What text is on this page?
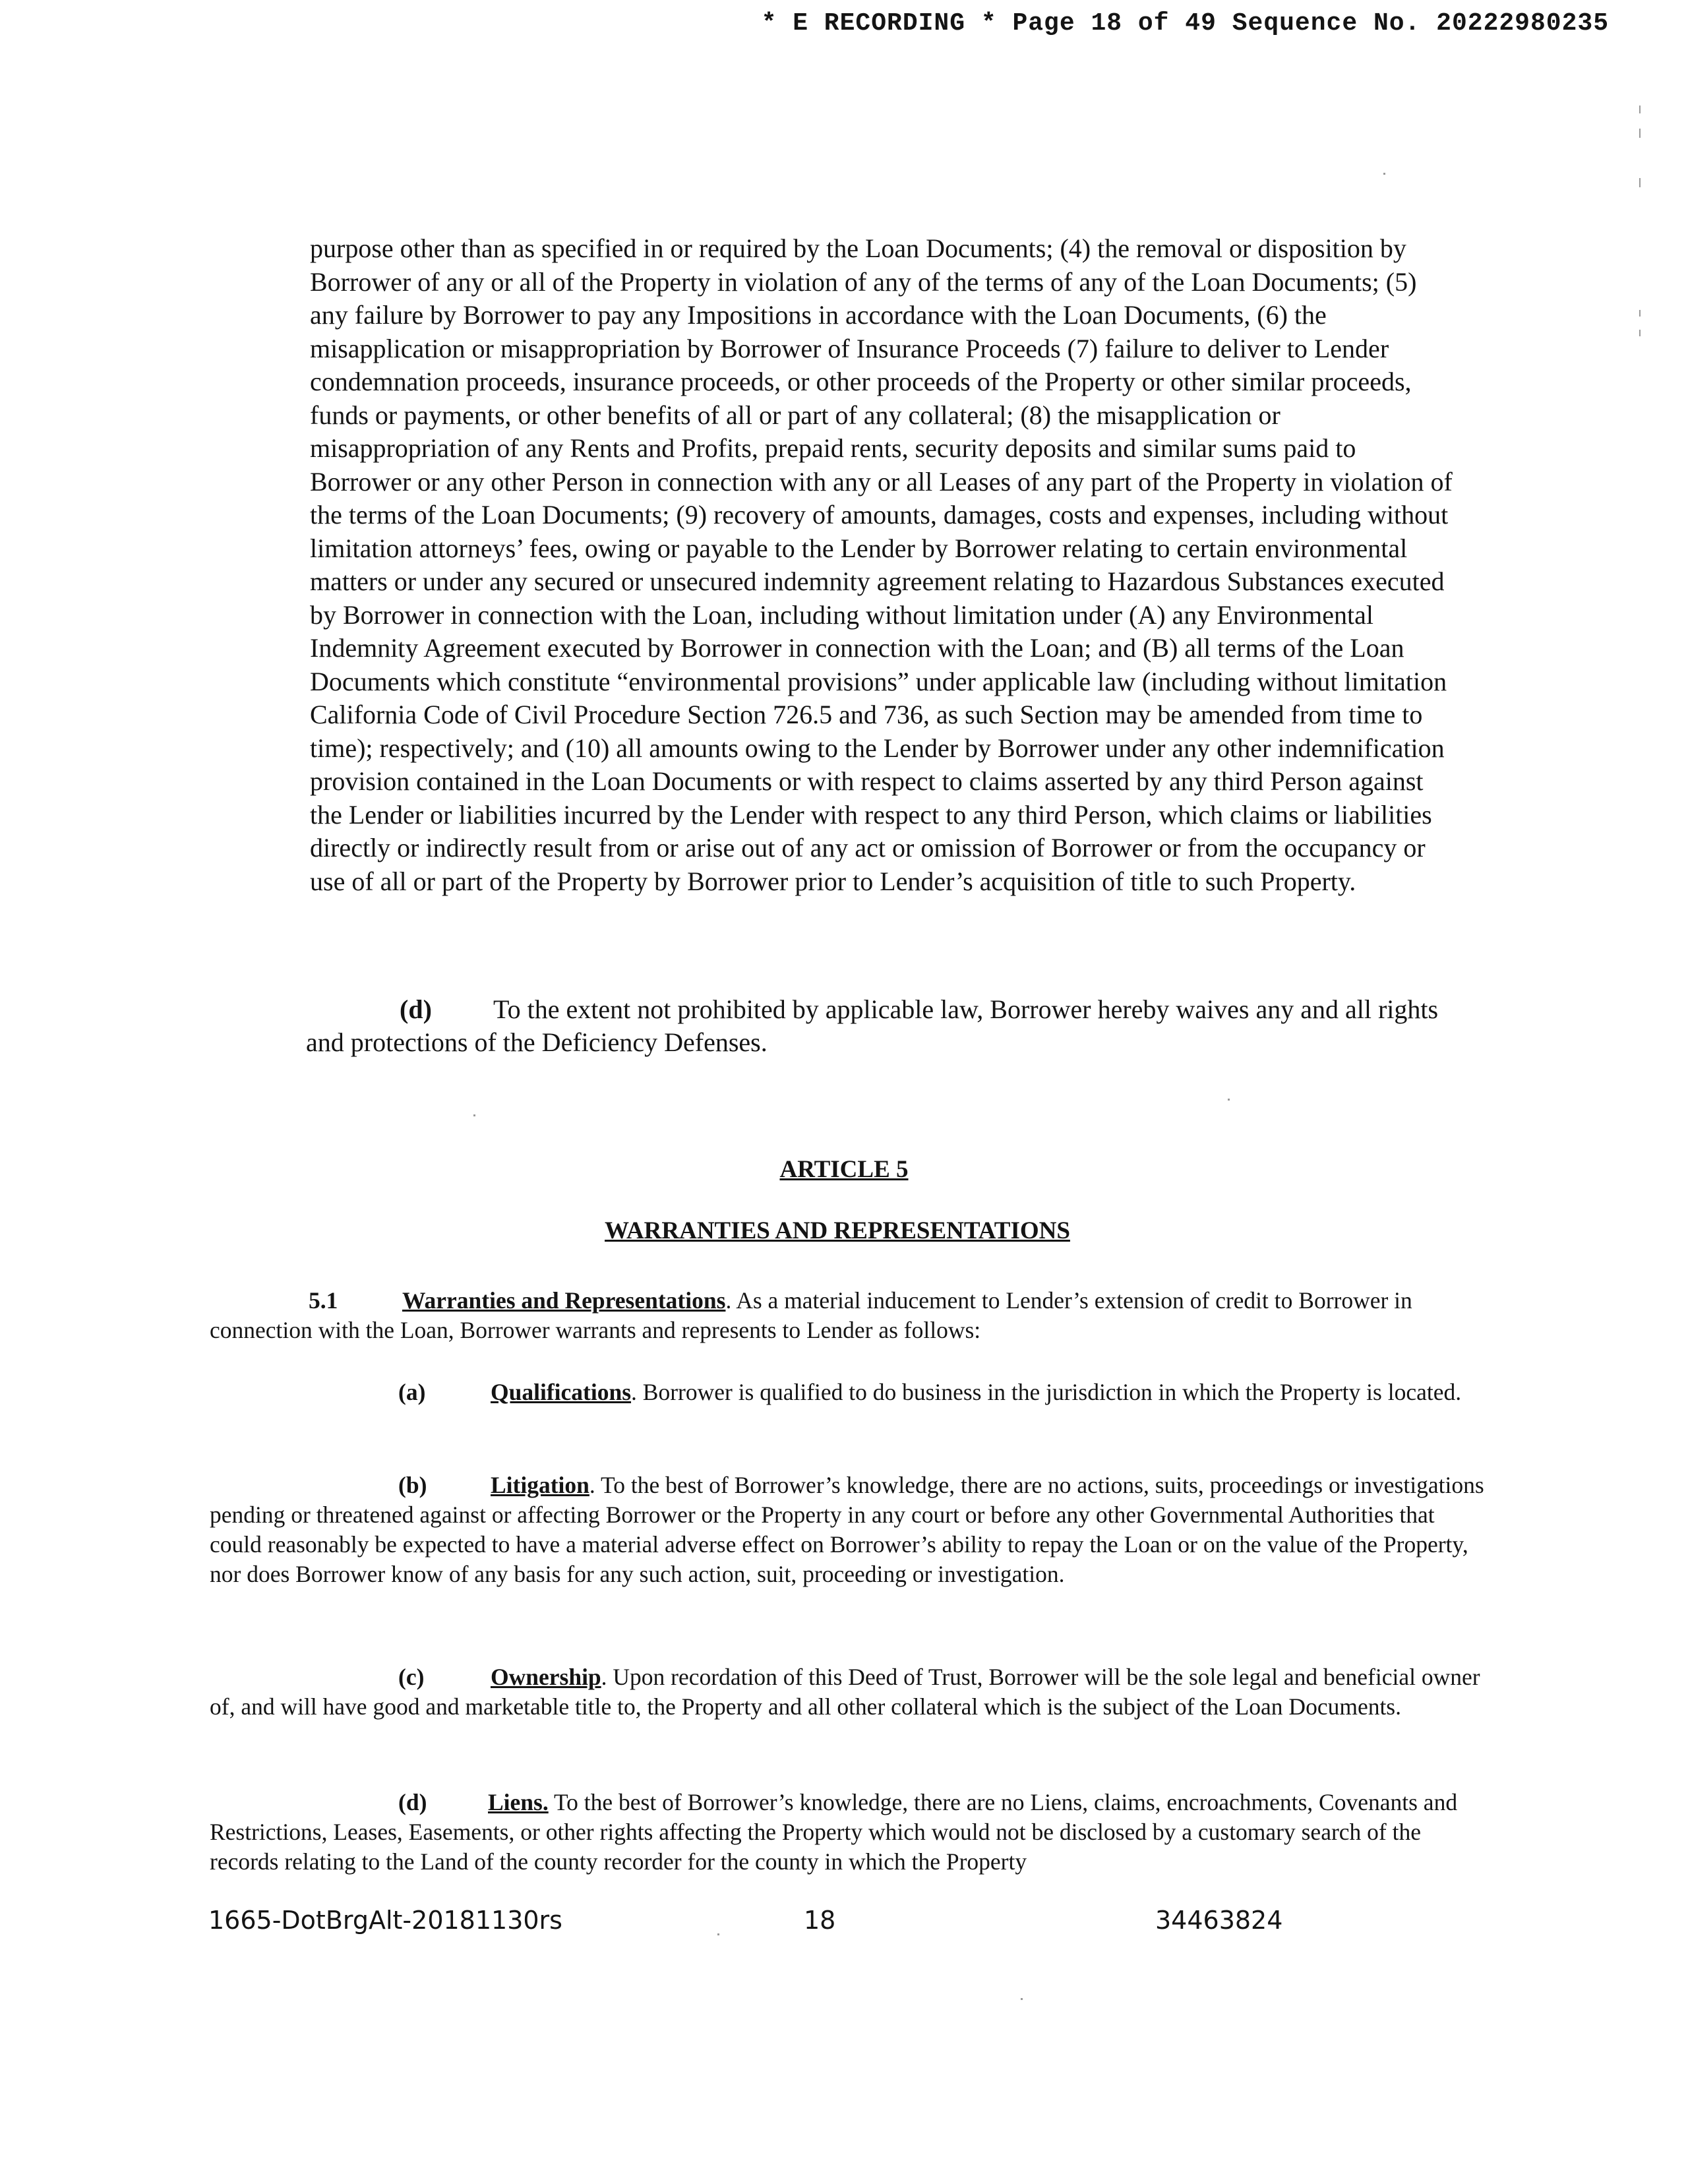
* E RECORDING * Page 18 of 49 Sequence No. 20222980235

purpose other than as specified in or required by the Loan Documents; (4) the removal or disposition by Borrower of any or all of the Property in violation of any of the terms of any of the Loan Documents; (5) any failure by Borrower to pay any Impositions in accordance with the Loan Documents, (6) the misapplication or misappropriation by Borrower of Insurance Proceeds (7) failure to deliver to Lender condemnation proceeds, insurance proceeds, or other proceeds of the Property or other similar proceeds, funds or payments, or other benefits of all or part of any collateral; (8) the misapplication or misappropriation of any Rents and Profits, prepaid rents, security deposits and similar sums paid to Borrower or any other Person in connection with any or all Leases of any part of the Property in violation of the terms of the Loan Documents; (9) recovery of amounts, damages, costs and expenses, including without limitation attorneys’ fees, owing or payable to the Lender by Borrower relating to certain environmental matters or under any secured or unsecured indemnity agreement relating to Hazardous Substances executed by Borrower in connection with the Loan, including without limitation under (A) any Environmental Indemnity Agreement executed by Borrower in connection with the Loan; and (B) all terms of the Loan Documents which constitute “environmental provisions” under applicable law (including without limitation California Code of Civil Procedure Section 726.5 and 736, as such Section may be amended from time to time); respectively; and (10) all amounts owing to the Lender by Borrower under any other indemnification provision contained in the Loan Documents or with respect to claims asserted by any third Person against the Lender or liabilities incurred by the Lender with respect to any third Person, which claims or liabilities directly or indirectly result from or arise out of any act or omission of Borrower or from the occupancy or use of all or part of the Property by Borrower prior to Lender’s acquisition of title to such Property.

(d) To the extent not prohibited by applicable law, Borrower hereby waives any and all rights and protections of the Deficiency Defenses.

ARTICLE 5
WARRANTIES AND REPRESENTATIONS

5.1	Warranties and Representations. As a material inducement to Lender’s extension of credit to Borrower in connection with the Loan, Borrower warrants and represents to Lender as follows:

(a)	Qualifications. Borrower is qualified to do business in the jurisdiction in which the Property is located.

(b)	Litigation. To the best of Borrower’s knowledge, there are no actions, suits, proceedings or investigations pending or threatened against or affecting Borrower or the Property in any court or before any other Governmental Authorities that could reasonably be expected to have a material adverse effect on Borrower’s ability to repay the Loan or on the value of the Property, nor does Borrower know of any basis for any such action, suit, proceeding or investigation.

(c)	Ownership. Upon recordation of this Deed of Trust, Borrower will be the sole legal and beneficial owner of, and will have good and marketable title to, the Property and all other collateral which is the subject of the Loan Documents.

(d)	Liens. To the best of Borrower’s knowledge, there are no Liens, claims, encroachments, Covenants and Restrictions, Leases, Easements, or other rights affecting the Property which would not be disclosed by a customary search of the records relating to the Land of the county recorder for the county in which the Property

1665-DotBrgAlt-20181130rs	18	34463824
